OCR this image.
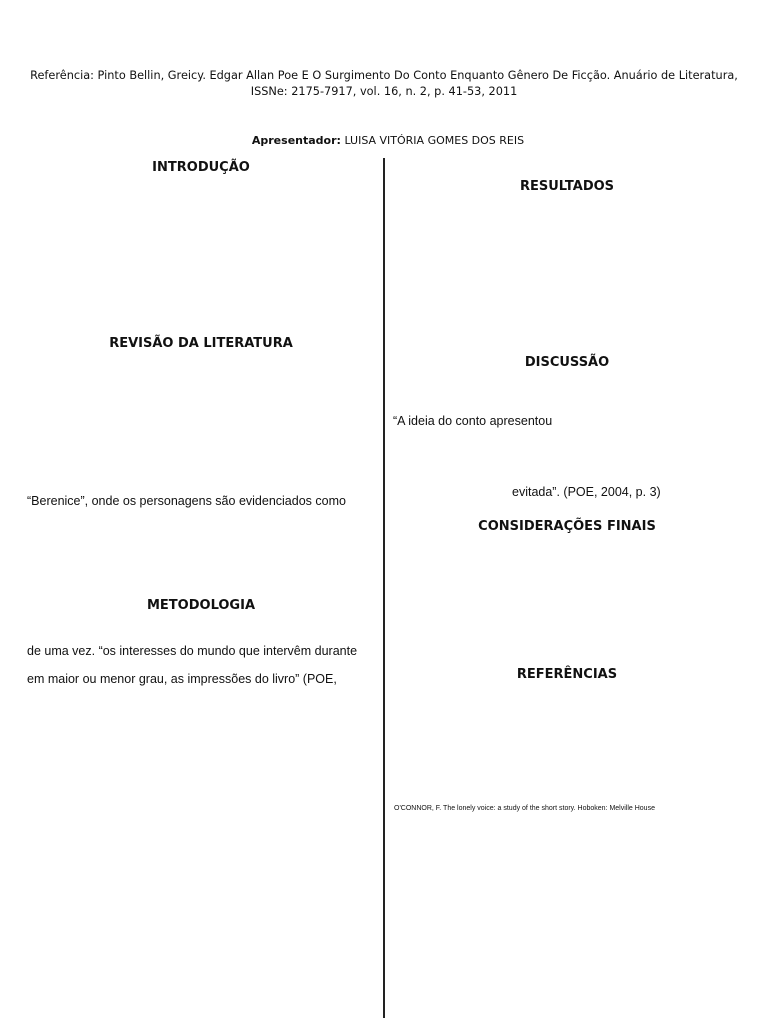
Referência: Pinto Bellin, Greicy. Edgar Allan Poe E O Surgimento Do Conto Enquanto Gênero De Ficção. Anuário de Literatura,
ISSNe: 2175-7917, vol. 16, n. 2, p. 41-53, 2011
Apresentador: LUISA VITÓRIA GOMES DOS REIS
INTRODUÇÃO
REVISÃO DA LITERATURA
“Berenice”, onde os personagens são evidenciados como
METODOLOGIA
de uma vez. “os interesses do mundo que intervêm durante
em maior ou menor grau, as impressões do livro” (POE,
RESULTADOS
DISCUSSÃO
“A ideia do conto apresentou
evitada”. (POE, 2004, p. 3)
CONSIDERAÇÕES FINAIS
REFERÊNCIAS
O'CONNOR, F. The lonely voice: a study of the short story. Hoboken: Melville House
